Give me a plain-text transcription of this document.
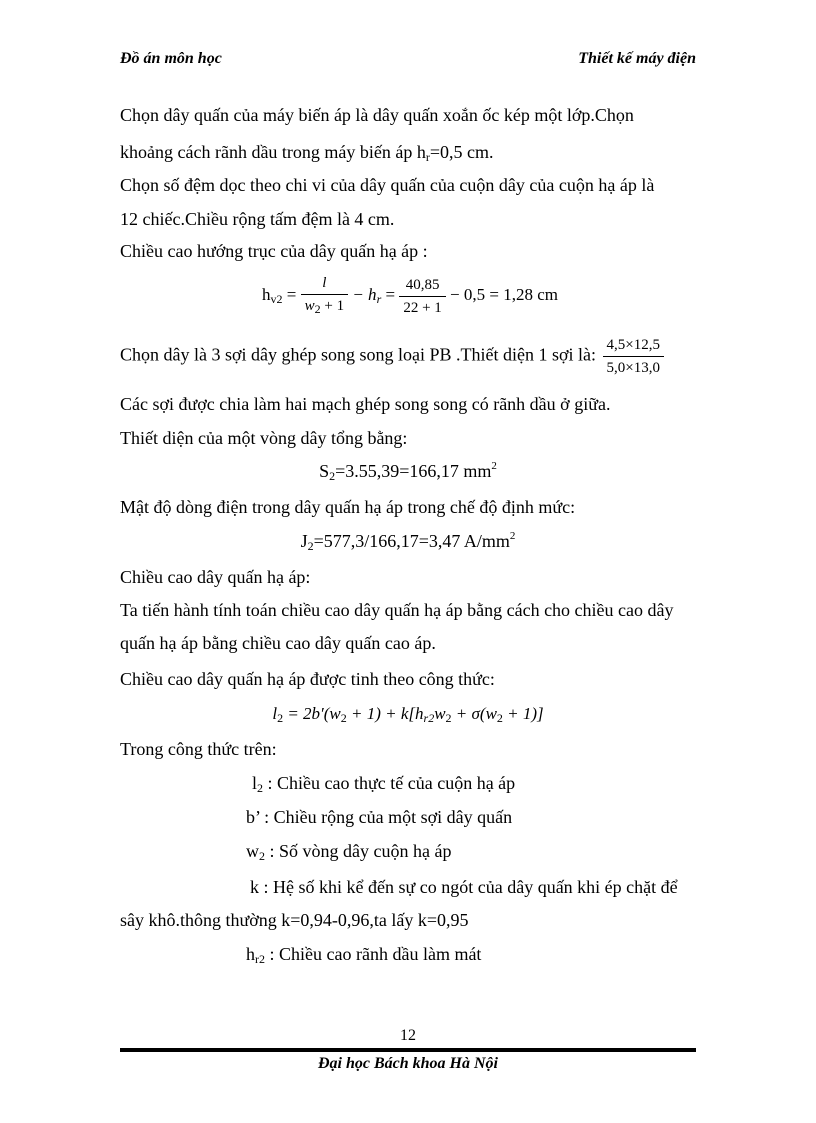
Đồ án môn học	Thiết kế máy điện
Chọn dây quấn của máy biến áp là dây quấn xoắn ốc kép một lớp.Chọn
khoảng cách rãnh dầu trong máy biến áp $h_r=0,5$ cm.
Chọn số đệm dọc theo chi vi của dây quấn của cuộn dây của cuộn hạ áp là
12 chiếc.Chiều rộng tấm đệm là 4 cm.
Chiều cao hướng trục của dây quấn hạ áp :
$h_{v2} = \frac{l}{w_2 + 1} - h_r = \frac{40,85}{22 + 1} - 0,5 = 1,28$ cm
Chọn dây là 3 sợi dây ghép song song loại PB .Thiết diện 1 sợi là: $\frac{4,5\times 12,5}{5,0\times 13,0}$
Các sợi được chia làm hai mạch ghép song song có rãnh dầu ở giữa.
Thiết diện của một vòng dây tổng bằng:
$S_2=3.55,39=166,17$ $mm^2$
Mật độ dòng điện trong dây quấn hạ áp trong chế độ định mức:
$J_2=577,3/166,17=3,47$ $A/mm^2$
Chiều cao dây quấn hạ áp:
Ta tiến hành tính toán chiều cao dây quấn hạ áp bằng cách cho chiều cao dây
quấn hạ áp bằng chiều cao dây quấn cao áp.
Chiều cao dây quấn hạ áp được tinh theo công thức:
$l_2 = 2b'(w_2 + 1) + k[h_{r2}w_2 + \sigma(w_2 + 1)]$
Trong công thức trên:
$l_2$ : Chiều cao thực tế của cuộn hạ áp
b’ : Chiều rộng của một sợi dây quấn
$w_2$ : Số vòng dây cuộn hạ áp
k : Hệ số khi kể đến sự co ngót của dây quấn khi ép chặt để
sây khô.thông thường k=0,94-0,96,ta lấy k=0,95
$h_{r2}$ : Chiều cao rãnh dầu làm mát
12
Đại học Bách khoa Hà Nội
